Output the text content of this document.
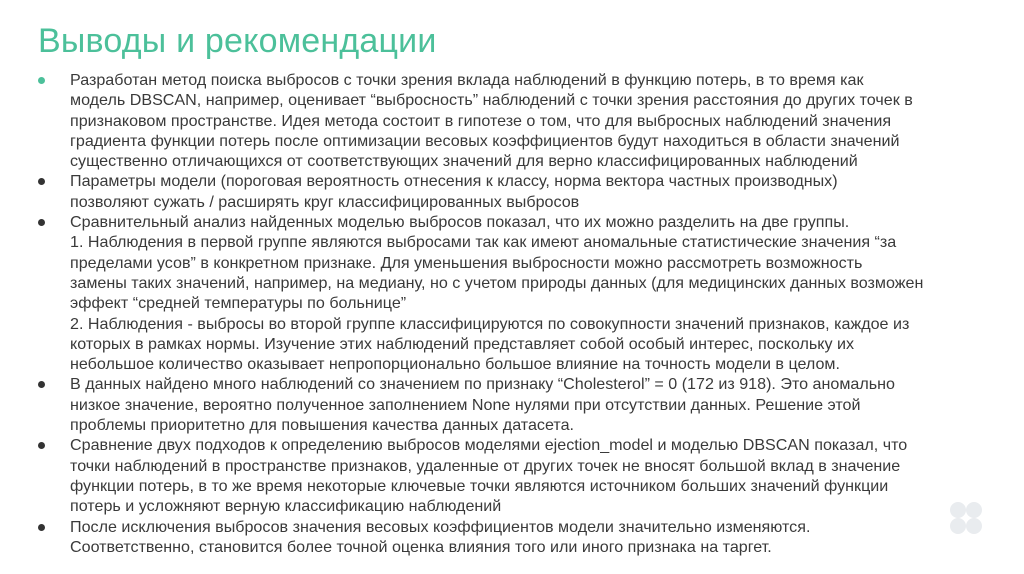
Выводы и рекомендации
Разработан метод поиска выбросов с точки зрения вклада наблюдений в функцию потерь, в то время как
модель DBSCAN, например, оценивает “выбросность” наблюдений с точки зрения расстояния до других точек в
признаковом пространстве. Идея метода состоит в гипотезе о том, что для выбросных наблюдений значения
градиента функции потерь после оптимизации весовых коэффициентов будут находиться в области значений
существенно отличающихся от соответствующих значений для верно классифицированных наблюдений
Параметры модели (пороговая вероятность отнесения к классу, норма вектора частных производных)
позволяют сужать / расширять круг классифицированных выбросов
Сравнительный анализ найденных моделью выбросов показал, что их можно разделить на две группы.
1. Наблюдения в первой группе являются выбросами так как имеют аномальные статистические значения “за
пределами усов” в конкретном признаке. Для уменьшения выбросности можно рассмотреть возможность
замены таких значений, например, на медиану, но с учетом природы данных (для медицинских данных возможен
эффект “средней температуры по больнице”
2. Наблюдения - выбросы во второй группе классифицируются по совокупности значений признаков, каждое из
которых в рамках нормы. Изучение этих наблюдений представляет собой особый интерес, поскольку их
небольшое количество оказывает непропорционально большое влияние на точность модели в целом.
В данных найдено много наблюдений со значением по признаку “Cholesterol” = 0 (172 из 918). Это аномально
низкое значение, вероятно полученное заполнением None нулями при отсутствии данных. Решение этой
проблемы приоритетно для повышения качества данных датасета.
Сравнение двух подходов к определению выбросов моделями ejection_model и моделью DBSCAN показал, что
точки наблюдений в пространстве признаков, удаленные от других точек не вносят большой вклад в значение
функции потерь, в то же время некоторые ключевые точки являются источником больших значений функции
потерь и усложняют верную классификацию наблюдений
После исключения выбросов значения весовых коэффициентов модели значительно изменяются.
Соответственно, становится более точной оценка влияния того или иного признака на таргет.
